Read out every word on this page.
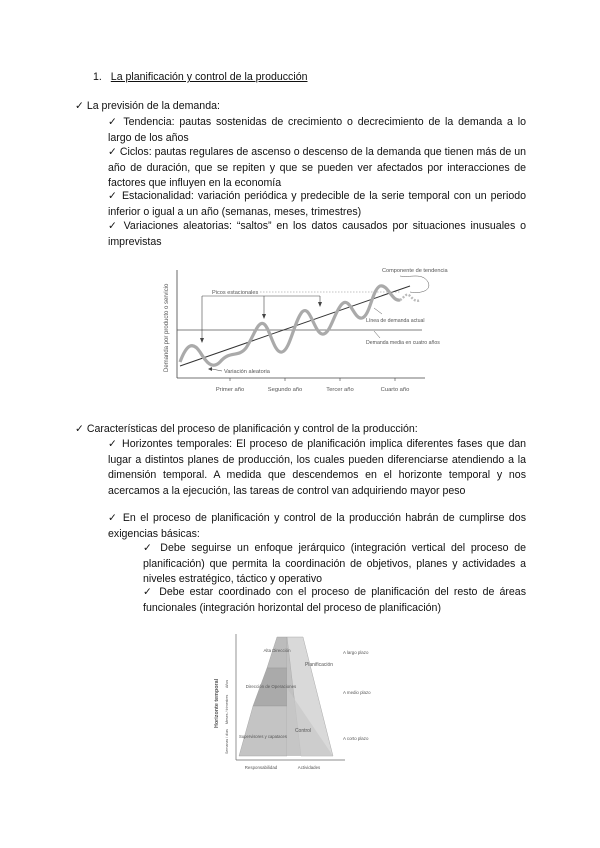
1. La planificación y control de la producción
✓ La previsión de la demanda:
✓ Tendencia: pautas sostenidas de crecimiento o decrecimiento de la demanda a lo largo de los años
✓ Ciclos: pautas regulares de ascenso o descenso de la demanda que tienen más de un año de duración, que se repiten y que se pueden ver afectados por interacciones de factores que influyen en la economía
✓ Estacionalidad: variación periódica y predecible de la serie temporal con un periodo inferior o igual a un año (semanas, meses, trimestres)
✓ Variaciones aleatorias: “saltos” en los datos causados por situaciones inusuales o imprevistas
Demanda por producto o servicio	Picos estacionales
Componente de tendencia
Línea de demanda actual
Demanda media en cuatro años
Variación aleatoria
Primer año	Segundo año	Tercer año	Cuarto año
✓ Características del proceso de planificación y control de la producción:
✓ Horizontes temporales: El proceso de planificación implica diferentes fases que dan lugar a distintos planes de producción, los cuales pueden diferenciarse atendiendo a la dimensión temporal. A medida que descendemos en el horizonte temporal y nos acercamos a la ejecución, las tareas de control van adquiriendo mayor peso
✓ En el proceso de planificación y control de la producción habrán de cumplirse dos exigencias básicas:
✓ Debe seguirse un enfoque jerárquico (integración vertical del proceso de planificación) que permita la coordinación de objetivos, planes y actividades a niveles estratégico, táctico y operativo
✓ Debe estar coordinado con el proceso de planificación del resto de áreas funcionales (integración horizontal del proceso de planificación)
Horizonte temporal Años
Meses / trimestres
Semanas / días
Alta Dirección
Dirección de Operaciones
Supervisores y capataces
Planificación
Control
A largo plazo
A medio plazo
A corto plazo
Responsabilidad	Actividades
